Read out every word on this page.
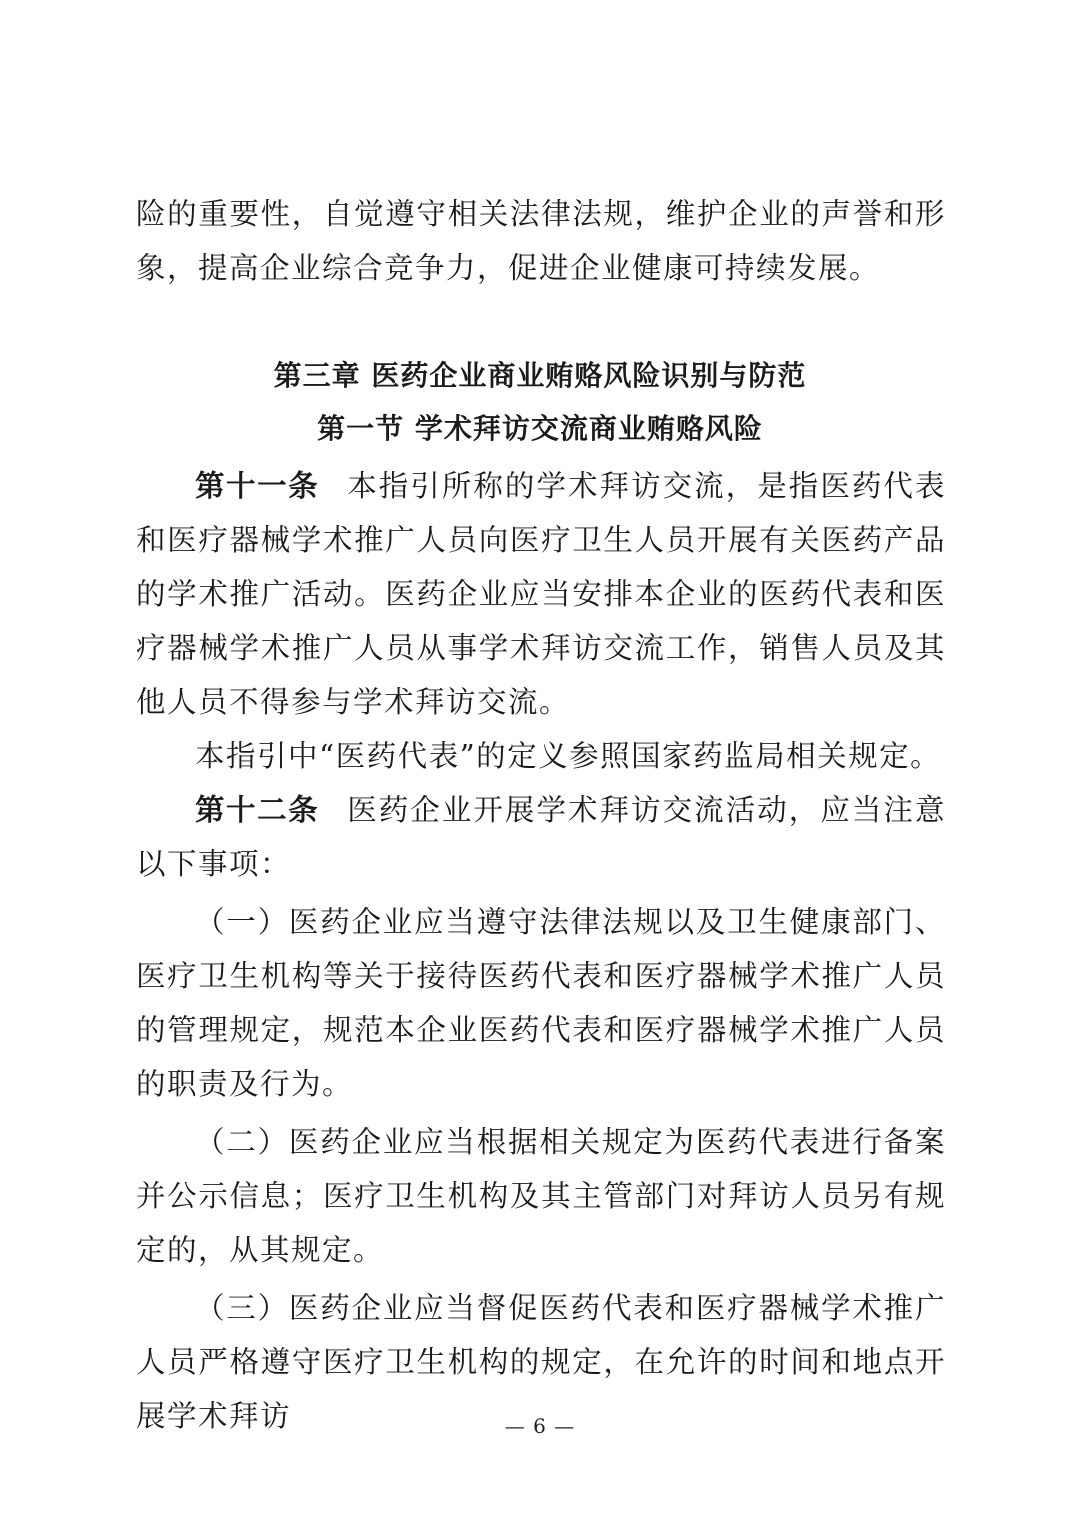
险的重要性，自觉遵守相关法律法规，维护企业的声誉和形象，提高企业综合竞争力，促进企业健康可持续发展。

第三章 医药企业商业贿赂风险识别与防范
第一节 学术拜访交流商业贿赂风险

第十一条 本指引所称的学术拜访交流，是指医药代表和医疗器械学术推广人员向医疗卫生人员开展有关医药产品的学术推广活动。医药企业应当安排本企业的医药代表和医疗器械学术推广人员从事学术拜访交流工作，销售人员及其他人员不得参与学术拜访交流。

本指引中“医药代表”的定义参照国家药监局相关规定。

第十二条 医药企业开展学术拜访交流活动，应当注意以下事项：

（一）医药企业应当遵守法律法规以及卫生健康部门、医疗卫生机构等关于接待医药代表和医疗器械学术推广人员的管理规定，规范本企业医药代表和医疗器械学术推广人员的职责及行为。

（二）医药企业应当根据相关规定为医药代表进行备案并公示信息；医疗卫生机构及其主管部门对拜访人员另有规定的，从其规定。

（三）医药企业应当督促医药代表和医疗器械学术推广人员严格遵守医疗卫生机构的规定，在允许的时间和地点开展学术拜访	— 6 —
